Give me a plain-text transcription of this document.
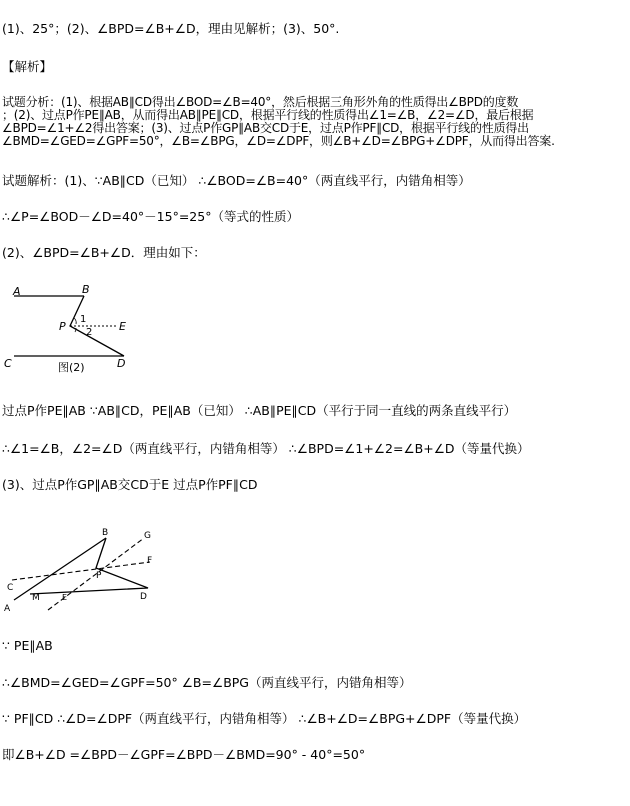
(1)、25°；(2)、∠BPD=∠B+∠D，理由见解析；(3)、50°.
【解析】
试题分析：(1)、根据AB∥CD得出∠BOD=∠B=40°，然后根据三角形外角的性质得出∠BPD的度数
；(2)、过点P作PE∥AB，从而得出AB∥PE∥CD，根据平行线的性质得出∠1=∠B，∠2=∠D，最后根据
∠BPD=∠1+∠2得出答案；(3)、过点P作GP∥AB交CD于E，过点P作PF∥CD，根据平行线的性质得出
∠BMD=∠GED=∠GPF=50°，∠B=∠BPG，∠D=∠DPF，则∠B+∠D=∠BPG+∠DPF，从而得出答案.
试题解析：(1)、∵AB∥CD（已知） ∴∠BOD=∠B=40°（两直线平行，内错角相等）
∴∠P=∠BOD－∠D=40°－15°=25°（等式的性质）
(2)、∠BPD=∠B+∠D．理由如下：
A	B
P	E
1
2
C	D
图(2)
过点P作PE∥AB ∵AB∥CD，PE∥AB（已知） ∴AB∥PE∥CD（平行于同一直线的两条直线平行）
∴∠1=∠B，∠2=∠D（两直线平行，内错角相等） ∴∠BPD=∠1+∠2=∠B+∠D（等量代换）
(3)、过点P作GP∥AB交CD于E 过点P作PF∥CD
B	G
F
C
P
M	E	D
A
∵ PE∥AB
∴∠BMD=∠GED=∠GPF=50° ∠B=∠BPG（两直线平行，内错角相等）
∵ PF∥CD ∴∠D=∠DPF（两直线平行，内错角相等） ∴∠B+∠D=∠BPG+∠DPF（等量代换）
即∠B+∠D =∠BPD－∠GPF=∠BPD－∠BMD=90° - 40°=50°
